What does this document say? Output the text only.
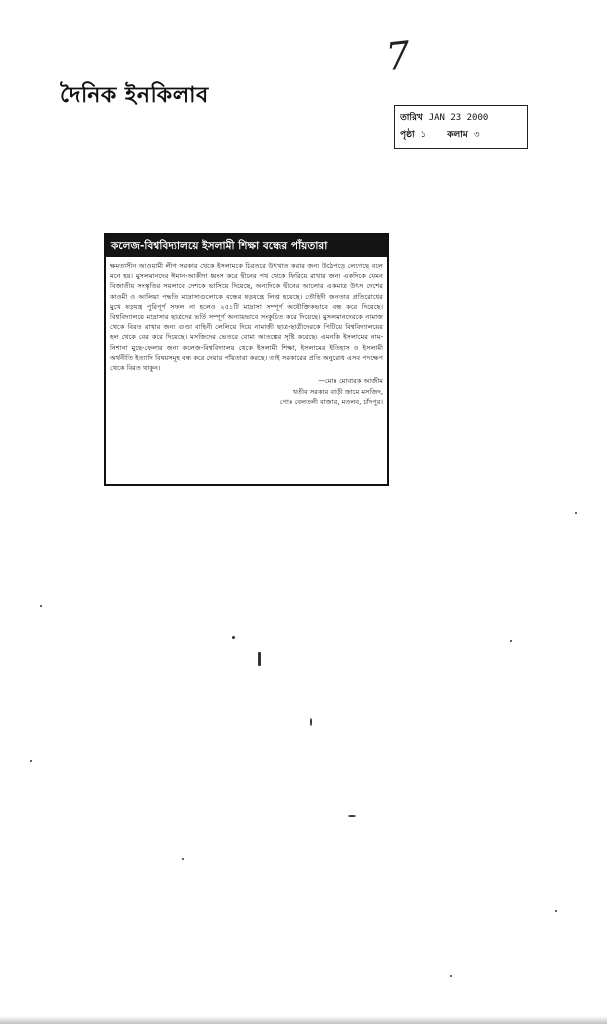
7
দৈনিক ইনকিলাব
তারিখ JAN 23 2000
পৃষ্ঠা ১ কলাম ৩
কলেজ-বিশ্ববিদ্যালয়ে ইসলামী শিক্ষা বন্ধের পাঁয়তারা

ক্ষমতাসীন আওয়ামী লীগ সরকার থেকে ইসলামকে চিরতরে উৎখাত করার জন্য উঠেপড়ে লেগেছে বলে মনে হয়। মুসলমানদের ঈমান-আকীদা ধ্বংস করে দ্বীনের পথ থেকে ফিরিয়ে রাখার জন্য একদিকে যেমন বিজাতীয় সংস্কৃতির সয়লাবে দেশকে ভাসিয়ে দিয়েছে, অন্যদিকে দ্বীনের আলোর একমাত্র উৎস দেশের কাওমী ও আলিয়া পদ্ধতি মাদ্রাসাগুলোকে বন্ধের ষড়যন্ত্রে লিপ্ত হয়েছে। তৌহিদী জনতার প্রতিরোধের মুখে ষড়যন্ত্র পুরিপূর্ণ সফল না হলেও ২৫১টি মাদ্রাসা সম্পূর্ণ অযৌক্তিকভাবে বন্ধ করে দিয়েছে। বিশ্ববিদ্যালয়ে মাদ্রাসার ছাত্রদের ভর্তি সম্পূর্ণ অন্যায়ভাবে সংকুচিত করে দিয়েছে। মুসলমানদেরকে নামাজ থেকে বিরত রাখার জন্য গুণ্ডা বাহিনী লেলিয়ে দিয়ে নামাজী ছাত্র-ছাত্রীদেরকে পিটিয়ে বিশ্ববিদ্যালয়ের হল থেকে বের করে দিয়েছে। মসজিদের ভেতরে বোমা আতঙ্কের সৃষ্টি করেছে। এমনকি ইসলামের নাম-নিশানা মুছে-ফেলার জন্য কলেজ-বিশ্ববিদ্যালয় থেকে ইসলামী শিক্ষা, ইসলামের ইতিহাস ও ইসলামী অর্থনীতি ইত্যাদি বিষয়সমূহ বন্ধ করে দেয়ার পাঁয়তারা করছে। তাই সরকারের প্রতি অনুরোধ এসব পদক্ষেপ থেকে বিরত থাকুন।

—মোঃ মোবারক আজীম
খতীব সরকার বাড়ী জামে মসজিদ,
পোঃ বেলতলী বাজার, মতলব, চাঁদপুর।
